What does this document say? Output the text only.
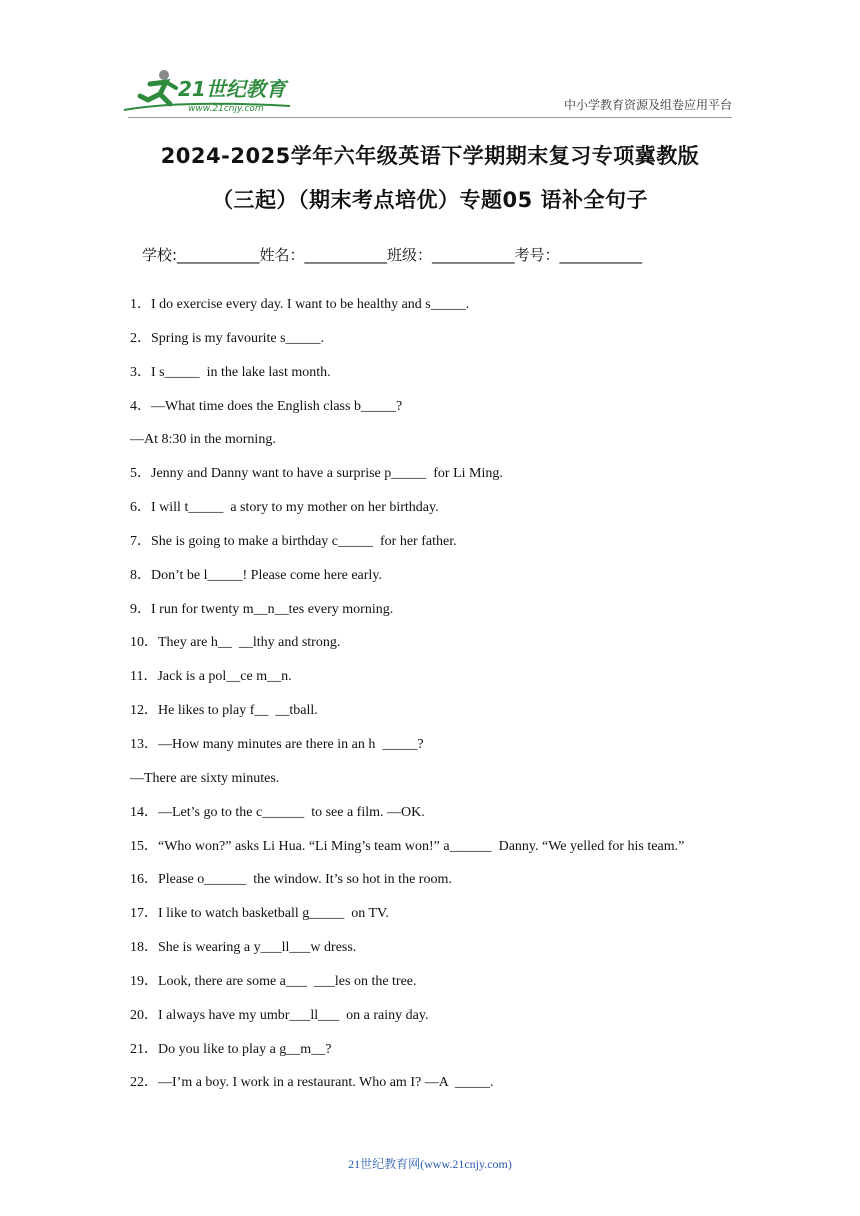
21世纪教育
www.21cnjy.com	中小学教育资源及组卷应用平台
2024-2025学年六年级英语下学期期末复习专项冀教版
（三起）（期末考点培优）专题05 语补全句子
学校:___________姓名：___________班级：___________考号：___________
1．I do exercise every day. I want to be healthy and s_____.
2．Spring is my favourite s_____.
3．I s_____  in the lake last month.
4．—What time does the English class b_____?
—At 8:30 in the morning.
5．Jenny and Danny want to have a surprise p_____  for Li Ming.
6．I will t_____  a story to my mother on her birthday.
7．She is going to make a birthday c_____  for her father.
8．Don’t be l_____! Please come here early.
9．I run for twenty m__n__tes every morning.
10．They are h__  __lthy and strong.
11．Jack is a pol__ce m__n.
12．He likes to play f__  __tball.
13．—How many minutes are there in an h  _____?
—There are sixty minutes.
14．—Let’s go to the c______  to see a film. —OK.
15．“Who won?” asks Li Hua. “Li Ming’s team won!” a______  Danny. “We yelled for his team.”
16．Please o______  the window. It’s so hot in the room.
17．I like to watch basketball g_____  on TV.
18．She is wearing a y___ll___w dress.
19．Look, there are some a___  ___les on the tree.
20．I always have my umbr___ll___  on a rainy day.
21．Do you like to play a g__m__?
22．—I’m a boy. I work in a restaurant. Who am I? —A  _____.
21世纪教育网(www.21cnjy.com)
